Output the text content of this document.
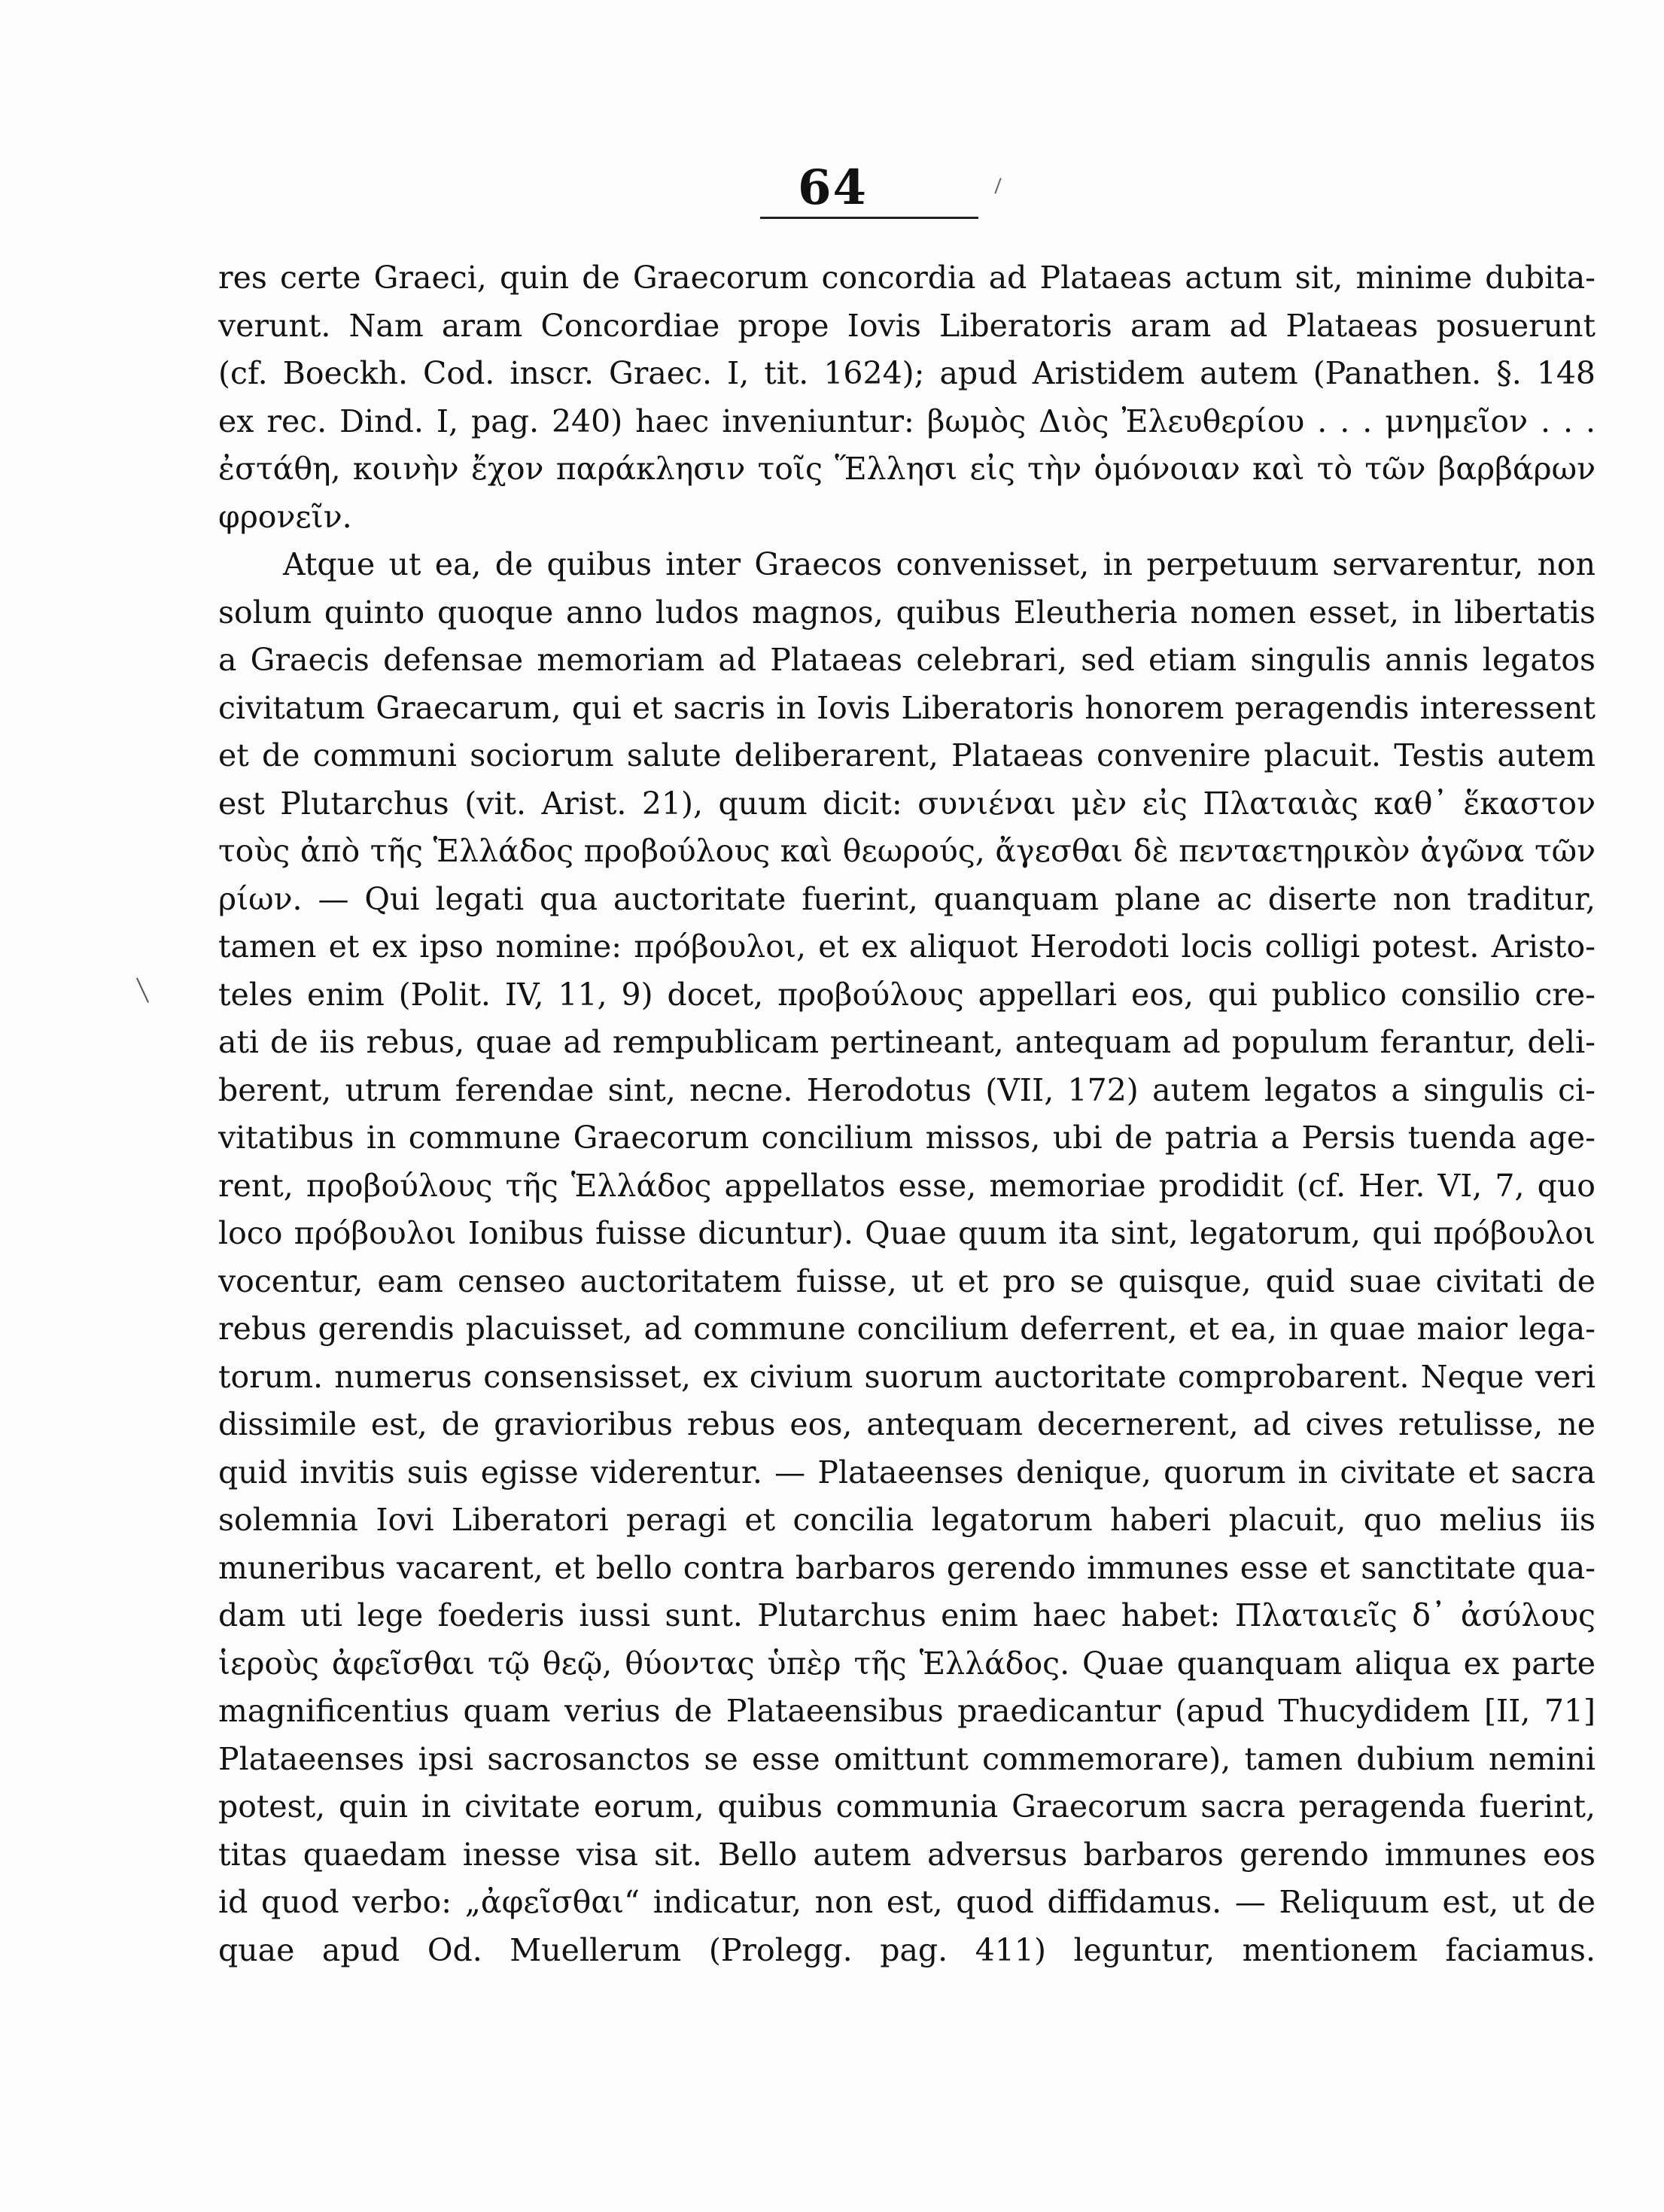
64
res certe Graeci, quin de Graecorum concordia ad Plataeas actum sit, minime dubita-
verunt. Nam aram Concordiae prope Iovis Liberatoris aram ad Plataeas posuerunt
(cf. Boeckh. Cod. inscr. Graec. I, tit. 1624); apud Aristidem autem (Panathen. §. 148
ex rec. Dind. I, pag. 240) haec inveniuntur: βωμὸς Διὸς Ἐλευθερίου . . . μνημεῖον . . .
ἐστάθη, κοινὴν ἔχον παράκλησιν τοῖς Ἕλλησι εἰς τὴν ὁμόνοιαν καὶ τὸ τῶν βαρβάρων
φρονεῖν.
Atque ut ea, de quibus inter Graecos convenisset, in perpetuum servarentur, non
solum quinto quoque anno ludos magnos, quibus Eleutheria nomen esset, in libertatis
a Graecis defensae memoriam ad Plataeas celebrari, sed etiam singulis annis legatos
civitatum Graecarum, qui et sacris in Iovis Liberatoris honorem peragendis interessent
et de communi sociorum salute deliberarent, Plataeas convenire placuit. Testis autem
est Plutarchus (vit. Arist. 21), quum dicit: συνιέναι μὲν εἰς Πλαταιὰς καθ᾽ ἕκαστον
τοὺς ἀπὸ τῆς Ἑλλάδος προβούλους καὶ θεωρούς, ἄγεσθαι δὲ πενταετηρικὸν ἀγῶνα τῶν
ρίων. — Qui legati qua auctoritate fuerint, quanquam plane ac diserte non traditur,
tamen et ex ipso nomine: πρόβουλοι, et ex aliquot Herodoti locis colligi potest. Aristo-
teles enim (Polit. IV, 11, 9) docet, προβούλους appellari eos, qui publico consilio cre-
ati de iis rebus, quae ad rempublicam pertineant, antequam ad populum ferantur, deli-
berent, utrum ferendae sint, necne. Herodotus (VII, 172) autem legatos a singulis ci-
vitatibus in commune Graecorum concilium missos, ubi de patria a Persis tuenda age-
rent, προβούλους τῆς Ἑλλάδος appellatos esse, memoriae prodidit (cf. Her. VI, 7, quo
loco πρόβουλοι Ionibus fuisse dicuntur). Quae quum ita sint, legatorum, qui πρόβουλοι
vocentur, eam censeo auctoritatem fuisse, ut et pro se quisque, quid suae civitati de
rebus gerendis placuisset, ad commune concilium deferrent, et ea, in quae maior lega-
torum. numerus consensisset, ex civium suorum auctoritate comprobarent. Neque veri
dissimile est, de gravioribus rebus eos, antequam decernerent, ad cives retulisse, ne
quid invitis suis egisse viderentur. — Plataeenses denique, quorum in civitate et sacra
solemnia Iovi Liberatori peragi et concilia legatorum haberi placuit, quo melius iis
muneribus vacarent, et bello contra barbaros gerendo immunes esse et sanctitate qua-
dam uti lege foederis iussi sunt. Plutarchus enim haec habet: Πλαταιεῖς δ᾽ ἀσύλους
ἱεροὺς ἀφεῖσθαι τῷ θεῷ, θύοντας ὑπὲρ τῆς Ἑλλάδος. Quae quanquam aliqua ex parte
magnificentius quam verius de Plataeensibus praedicantur (apud Thucydidem [II, 71]
Plataeenses ipsi sacrosanctos se esse omittunt commemorare), tamen dubium nemini
potest, quin in civitate eorum, quibus communia Graecorum sacra peragenda fuerint,
titas quaedam inesse visa sit. Bello autem adversus barbaros gerendo immunes eos
id quod verbo: „ἀφεῖσθαι“ indicatur, non est, quod diffidamus. — Reliquum est, ut de
quae apud Od. Muellerum (Prolegg. pag. 411) leguntur, mentionem faciamus.
